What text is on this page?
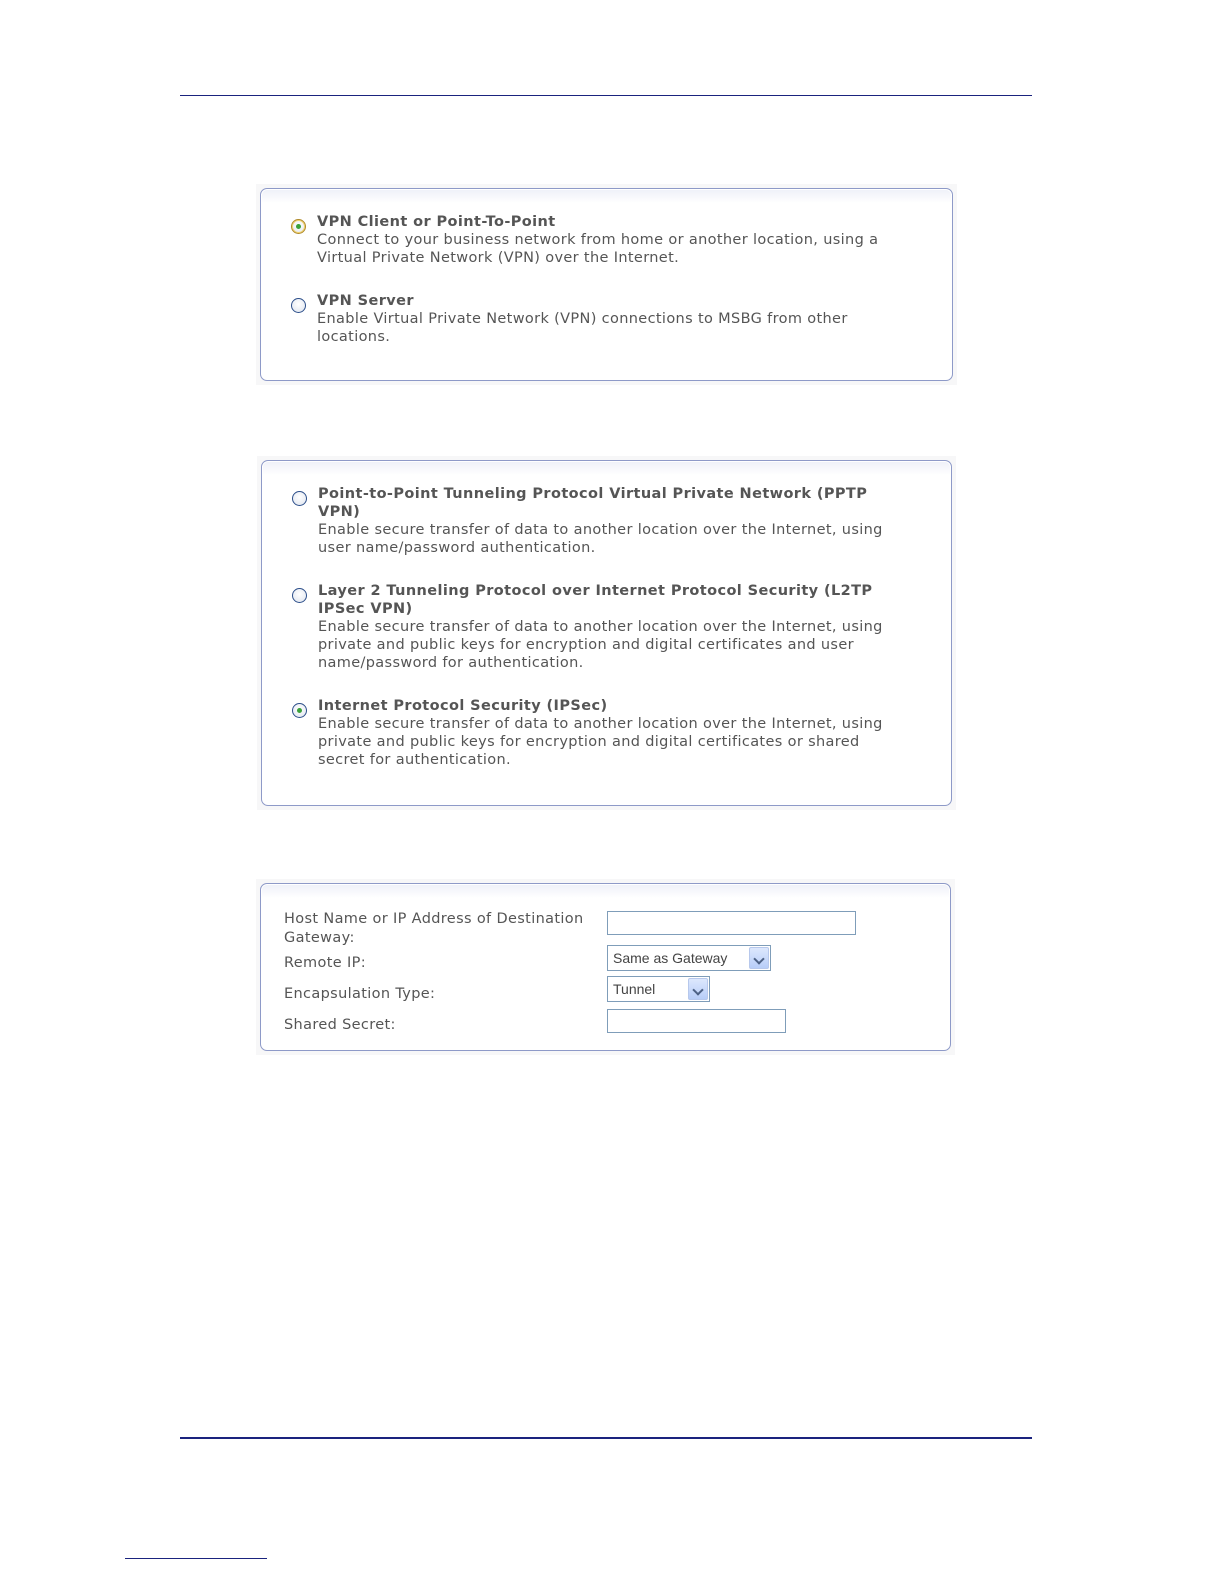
VPN Client or Point-To-Point
Connect to your business network from home or another location, using a
Virtual Private Network (VPN) over the Internet.
VPN Server
Enable Virtual Private Network (VPN) connections to MSBG from other
locations.
Point-to-Point Tunneling Protocol Virtual Private Network (PPTP
VPN)
Enable secure transfer of data to another location over the Internet, using
user name/password authentication.
Layer 2 Tunneling Protocol over Internet Protocol Security (L2TP
IPSec VPN)
Enable secure transfer of data to another location over the Internet, using
private and public keys for encryption and digital certificates and user
name/password for authentication.
Internet Protocol Security (IPSec)
Enable secure transfer of data to another location over the Internet, using
private and public keys for encryption and digital certificates or shared
secret for authentication.
Host Name or IP Address of Destination
Gateway:
Remote IP:	Same as Gateway
Encapsulation Type:	Tunnel
Shared Secret:
